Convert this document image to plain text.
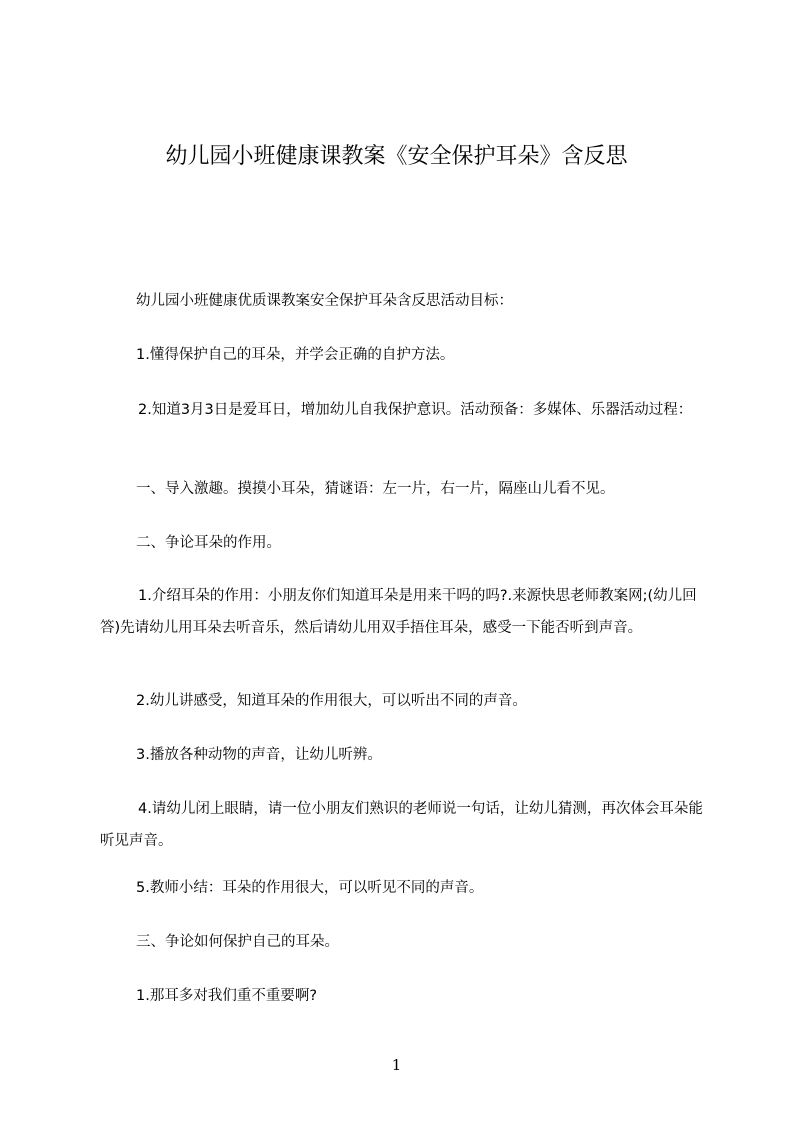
幼儿园小班健康课教案《安全保护耳朵》含反思

幼儿园小班健康优质课教案安全保护耳朵含反思活动目标：

1.懂得保护自己的耳朵，并学会正确的自护方法。

2.知道3月3日是爱耳日，增加幼儿自我保护意识。活动预备：多媒体、乐器活动过程：

一、导入激趣。摸摸小耳朵，猜谜语：左一片，右一片，隔座山儿看不见。

二、争论耳朵的作用。

1.介绍耳朵的作用：小朋友你们知道耳朵是用来干吗的吗?.来源快思老师教案网;(幼儿回答)先请幼儿用耳朵去听音乐，然后请幼儿用双手捂住耳朵，感受一下能否听到声音。

2.幼儿讲感受，知道耳朵的作用很大，可以听出不同的声音。

3.播放各种动物的声音，让幼儿听辨。

4.请幼儿闭上眼睛，请一位小朋友们熟识的老师说一句话，让幼儿猜测，再次体会耳朵能听见声音。

5.教师小结：耳朵的作用很大，可以听见不同的声音。

三、争论如何保护自己的耳朵。

1.那耳多对我们重不重要啊?

1
